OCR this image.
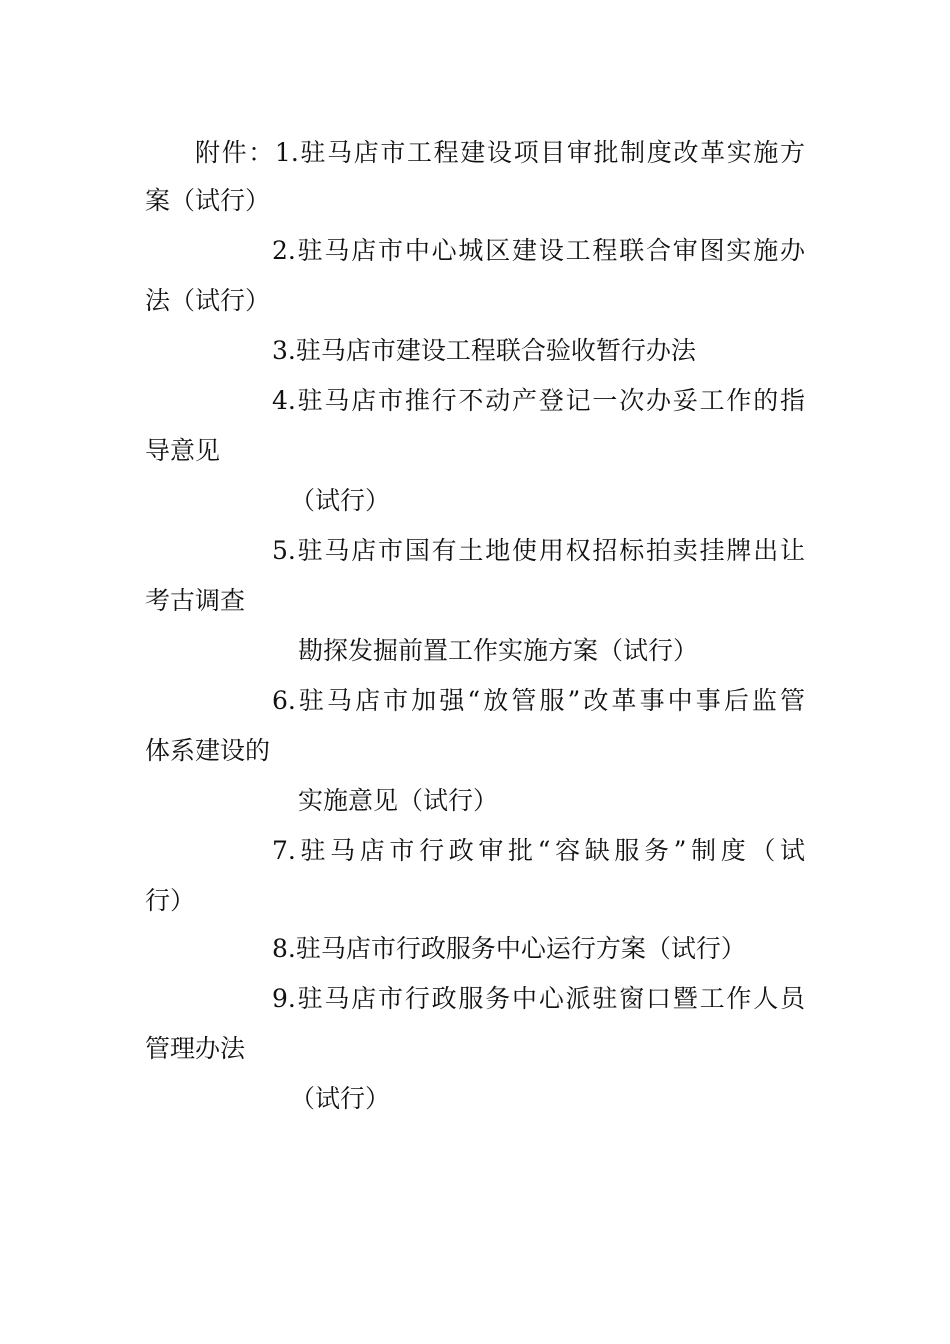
附件：1.驻马店市工程建设项目审批制度改革实施方
案（试行）
2.驻马店市中心城区建设工程联合审图实施办
法（试行）
3.驻马店市建设工程联合验收暂行办法
4.驻马店市推行不动产登记一次办妥工作的指
导意见
（试行）
5.驻马店市国有土地使用权招标拍卖挂牌出让
考古调查
勘探发掘前置工作实施方案（试行）
6.驻马店市加强“放管服”改革事中事后监管
体系建设的
实施意见（试行）
7.驻马店市行政审批“容缺服务”制度（试
行）
8.驻马店市行政服务中心运行方案（试行）
9.驻马店市行政服务中心派驻窗口暨工作人员
管理办法
（试行）
